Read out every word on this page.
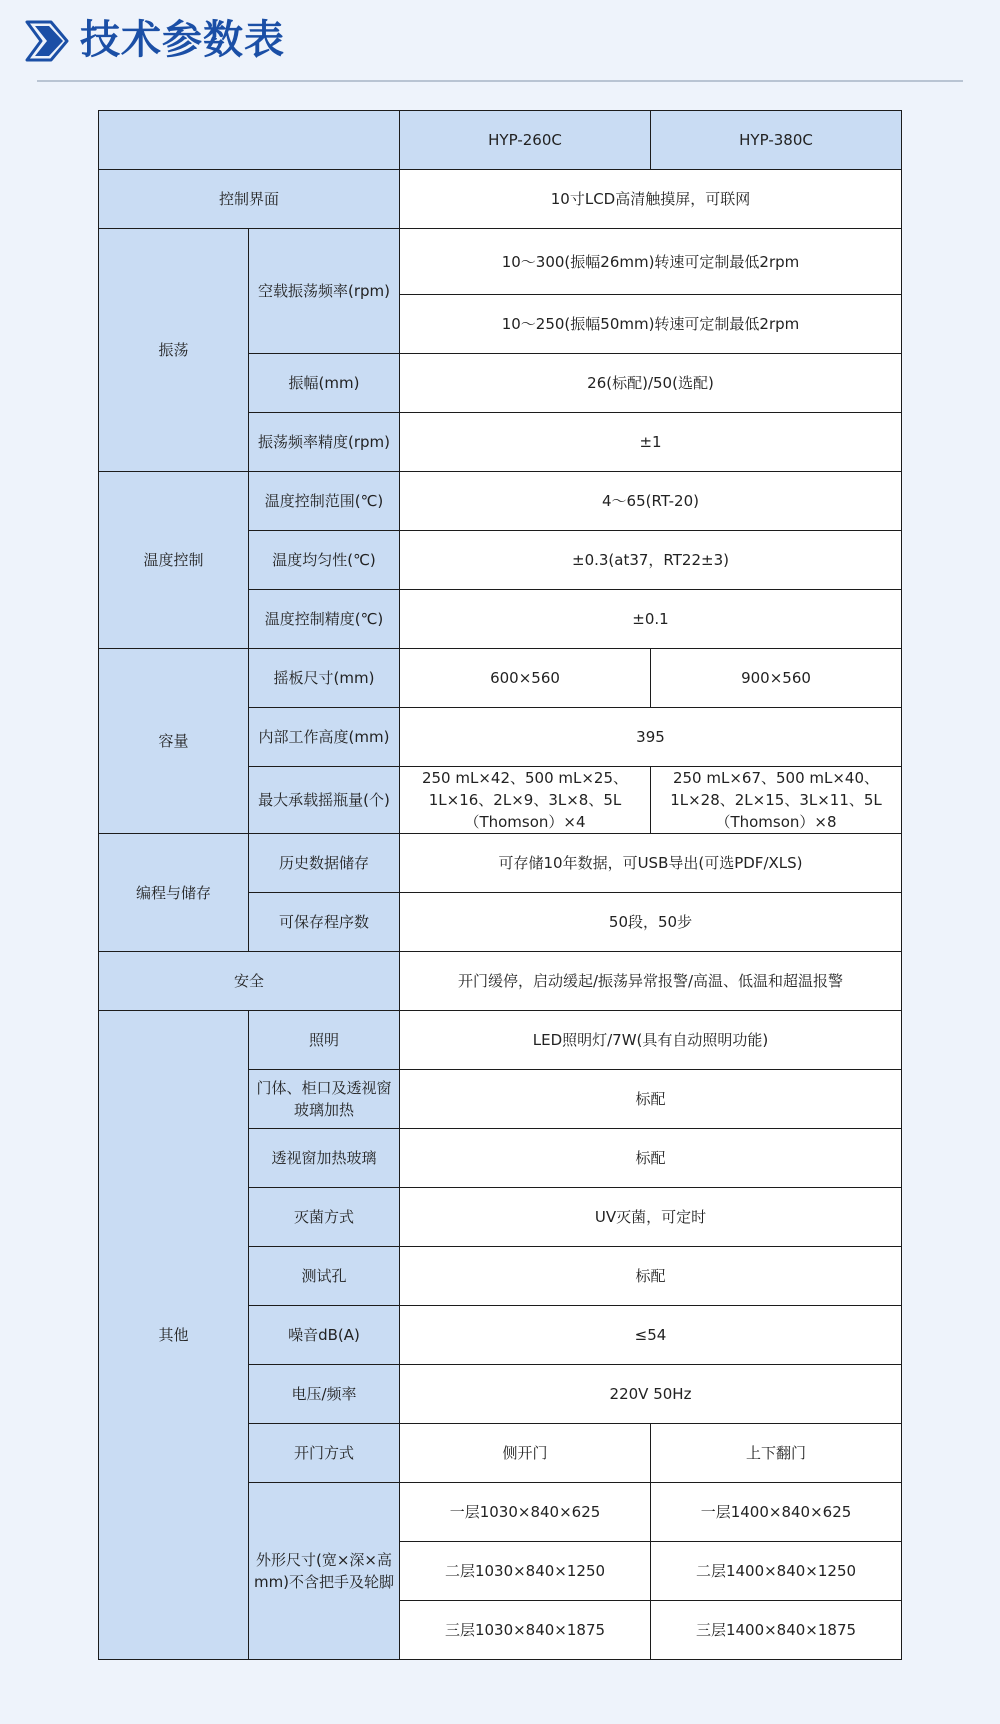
技术参数表
		HYP-260C	HYP-380C
控制界面		10寸LCD高清触摸屏，可联网	
振荡	空载振荡频率(rpm)	10～300(振幅26mm)转速可定制最低2rpm	
		10～250(振幅50mm)转速可定制最低2rpm	
	振幅(mm)	26(标配)/50(选配)	
	振荡频率精度(rpm)	±1	
温度控制	温度控制范围(℃)	4～65(RT-20)	
	温度均匀性(℃)	±0.3(at37，RT22±3)	
	温度控制精度(℃)	±0.1	
容量	摇板尺寸(mm)	600×560	900×560
	内部工作高度(mm)	395	
	最大承载摇瓶量(个)	250 mL×42、500 mL×25、1L×16、2L×9、3L×8、5L（Thomson）×4	250 mL×67、500 mL×40、1L×28、2L×15、3L×11、5L（Thomson）×8
编程与储存	历史数据储存	可存储10年数据，可USB导出(可选PDF/XLS)	
	可保存程序数	50段，50步	
安全		开门缓停，启动缓起/振荡异常报警/高温、低温和超温报警	
其他	照明	LED照明灯/7W(具有自动照明功能)	
	门体、柜口及透视窗玻璃加热	标配	
	透视窗加热玻璃	标配	
	灭菌方式	UV灭菌，可定时	
	测试孔	标配	
	噪音dB(A)	≤54	
	电压/频率	220V 50Hz	
	开门方式	侧开门	上下翻门
	外形尺寸(宽×深×高mm)不含把手及轮脚	一层1030×840×625	一层1400×840×625
		二层1030×840×1250	二层1400×840×1250
		三层1030×840×1875	三层1400×840×1875
